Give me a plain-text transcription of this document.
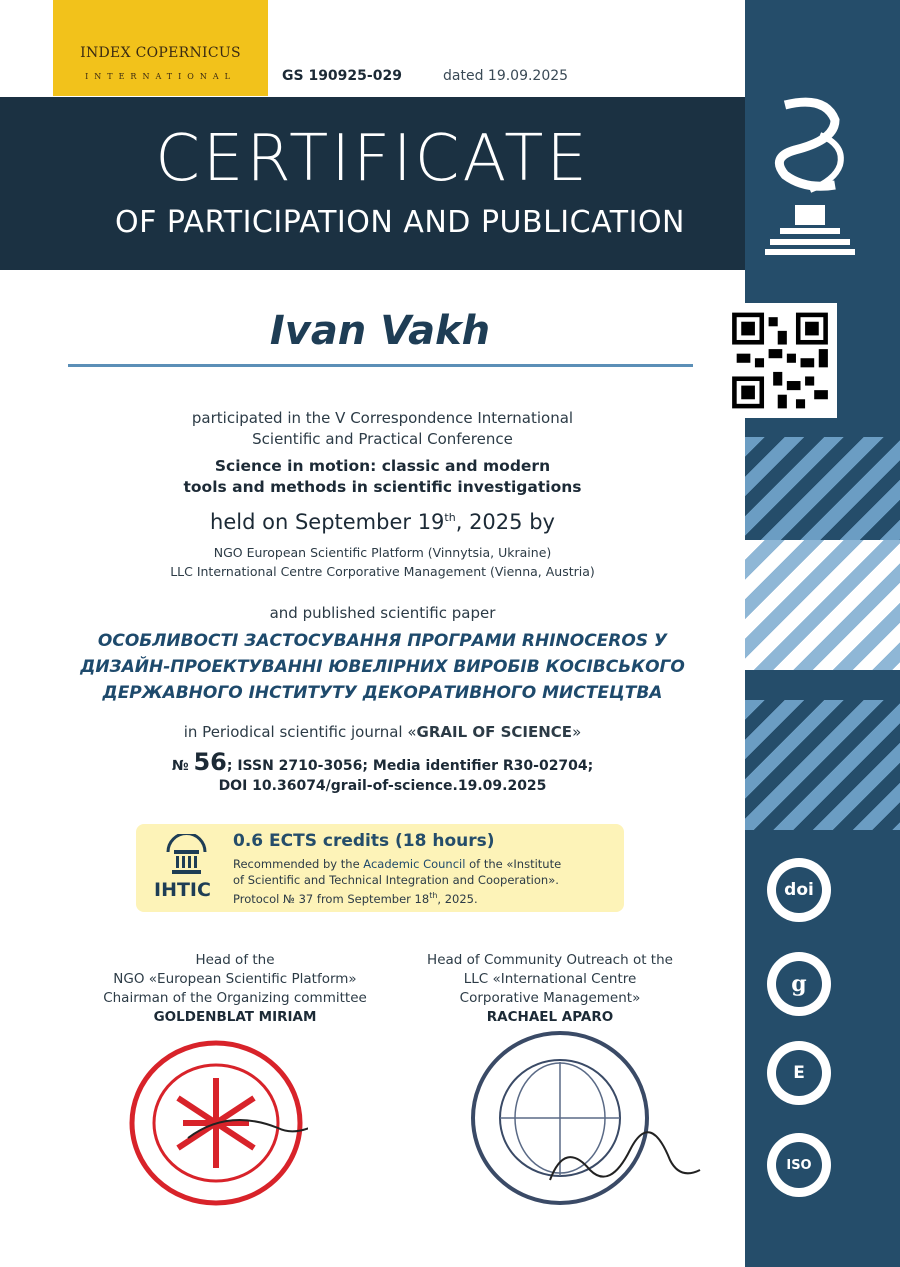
INDEX COPERNICUS
INTERNATIONAL	GS 190925-029	dated 19.09.2025
CERTIFICATE
OF PARTICIPATION AND PUBLICATION
doi
g
E
ISO
Ivan Vakh
participated in the V Correspondence International
Scientific and Practical Conference
Science in motion: classic and modern
tools and methods in scientific investigations
held on September 19th, 2025 by
NGO European Scientific Platform (Vinnytsia, Ukraine)
LLC International Centre Corporative Management (Vienna, Austria)
and published scientific paper
ОСОБЛИВОСТІ ЗАСТОСУВАННЯ ПРОГРАМИ RHINOCEROS У
ДИЗАЙН-ПРОЕКТУВАННІ ЮВЕЛІРНИХ ВИРОБІВ КОСІВСЬКОГО
ДЕРЖАВНОГО ІНСТИТУТУ ДЕКОРАТИВНОГО МИСТЕЦТВА
in Periodical scientific journal «GRAIL OF SCIENCE»
№ 56; ISSN 2710-3056; Media identifier R30-02704;
DOI 10.36074/grail-of-science.19.09.2025
IHTIC
0.6 ECTS credits (18 hours)
Recommended by the Academic Council of the «Institute
of Scientific and Technical Integration and Cooperation».
Protocol № 37 from September 18th, 2025.
Head of the
NGO «European Scientific Platform»
Chairman of the Organizing committee
GOLDENBLAT MIRIAM
Head of Community Outreach ot the
LLC «International Centre
Corporative Management»
RACHAEL APARO
